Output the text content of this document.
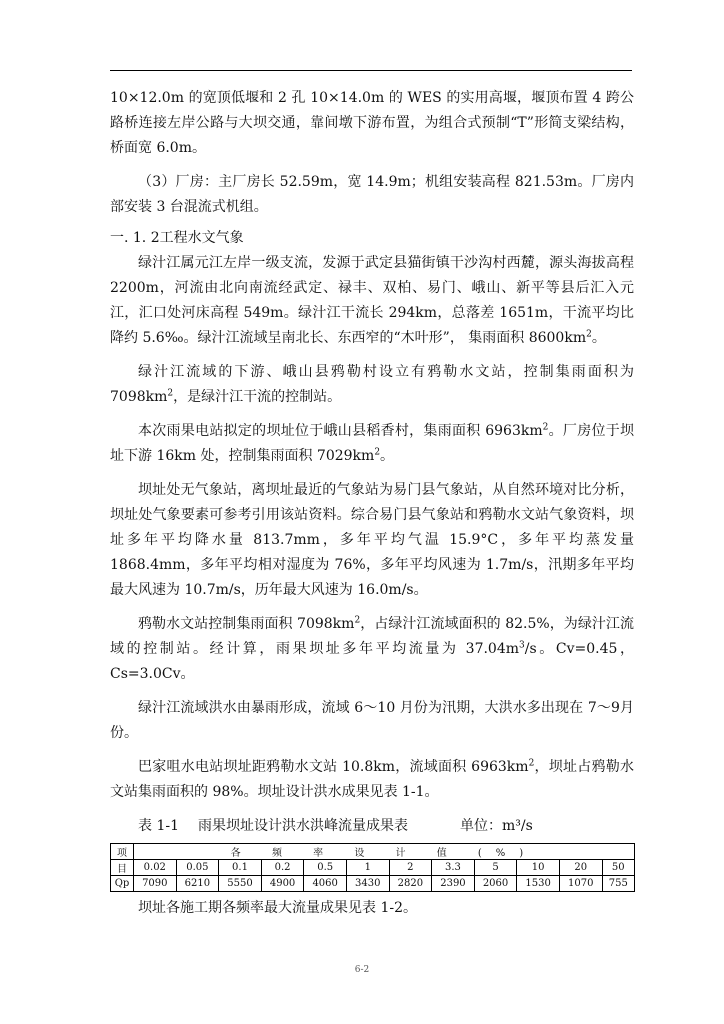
10×12.0m 的宽顶低堰和 2 孔 10×14.0m 的 WES 的实用高堰，堰顶布置 4 跨公路桥连接左岸公路与大坝交通，靠间墩下游布置，为组合式预制“T”形简支梁结构，桥面宽 6.0m。

（3）厂房：主厂房长 52.59m，宽 14.9m；机组安装高程 821.53m。厂房内部安装 3 台混流式机组。

一. 1. 2工程水文气象

绿汁江属元江左岸一级支流，发源于武定县猫街镇干沙沟村西麓，源头海拔高程 2200m，河流由北向南流经武定、禄丰、双柏、易门、峨山、新平等县后汇入元江，汇口处河床高程 549m。绿汁江干流长 294km，总落差 1651m，干流平均比降约 5.6‰。绿汁江流域呈南北长、东西窄的“木叶形”， 集雨面积 $8600km^2$。

绿汁江流域的下游、峨山县鸦勒村设立有鸦勒水文站，控制集雨面积为$7098km^2$，是绿汁江干流的控制站。

本次雨果电站拟定的坝址位于峨山县稻香村，集雨面积 $6963km^2$。厂房位于坝址下游 16km 处，控制集雨面积 $7029km^2$。

坝址处无气象站，离坝址最近的气象站为易门县气象站，从自然环境对比分析，坝址处气象要素可参考引用该站资料。综合易门县气象站和鸦勒水文站气象资料，坝址多年平均降水量 813.7mm，多年平均气温 15.9°C，多年平均蒸发量1868.4mm，多年平均相对湿度为 76%，多年平均风速为 1.7m/s，汛期多年平均最大风速为 10.7m/s，历年最大风速为 16.0m/s。

鸦勒水文站控制集雨面积 $7098km^2$，占绿汁江流域面积的 82.5%，为绿汁江流域的控制站。经计算，雨果坝址多年平均流量为 $37.04m^3/s$。Cv=0.45，Cs=3.0Cv。

绿汁江流域洪水由暴雨形成，流域 6～10 月份为汛期，大洪水多出现在 7～9月份。

巴家咀水电站坝址距鸦勒水文站 10.8km，流域面积 $6963km^2$，坝址占鸦勒水文站集雨面积的 98%。坝址设计洪水成果见表 1-1。

表 1-1	雨果坝址设计洪水洪峰流量成果表	单位：m³/s

项	各 频 率 设 计 值 (%)											
目	0.02	0.05	0.1	0.2	0.5	1	2	3.3	5	10	20	50
Qp	7090	6210	5550	4900	4060	3430	2820	2390	2060	1530	1070	755

坝址各施工期各频率最大流量成果见表 1-2。

6-2
